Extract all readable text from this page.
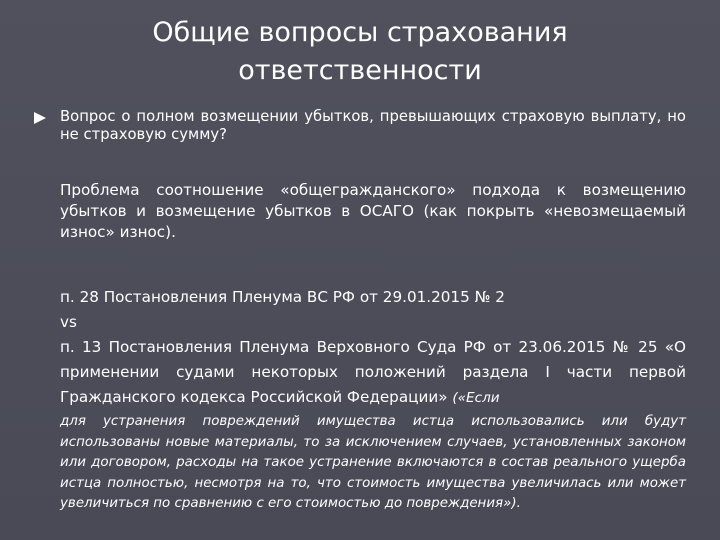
Общие вопросы страхования
ответственности

Вопрос о полном возмещении убытков, превышающих страховую выплату, но не страховую сумму?

Проблема соотношение «общегражданского» подхода к возмещению убытков и возмещение убытков в ОСАГО (как покрыть «невозмещаемый износ» износ).

п. 28 Постановления Пленума ВС РФ от 29.01.2015 № 2
vs
п. 13 Постановления Пленума Верховного Суда РФ от 23.06.2015 № 25 «О применении судами некоторых положений раздела I части первой Гражданского кодекса Российской Федерации» («Если

для устранения повреждений имущества истца использовались или будут использованы новые материалы, то за исключением случаев, установленных законом или договором, расходы на такое устранение включаются в состав реального ущерба истца полностью, несмотря на то, что стоимость имущества увеличилась или может увеличиться по сравнению с его стоимостью до повреждения»).
